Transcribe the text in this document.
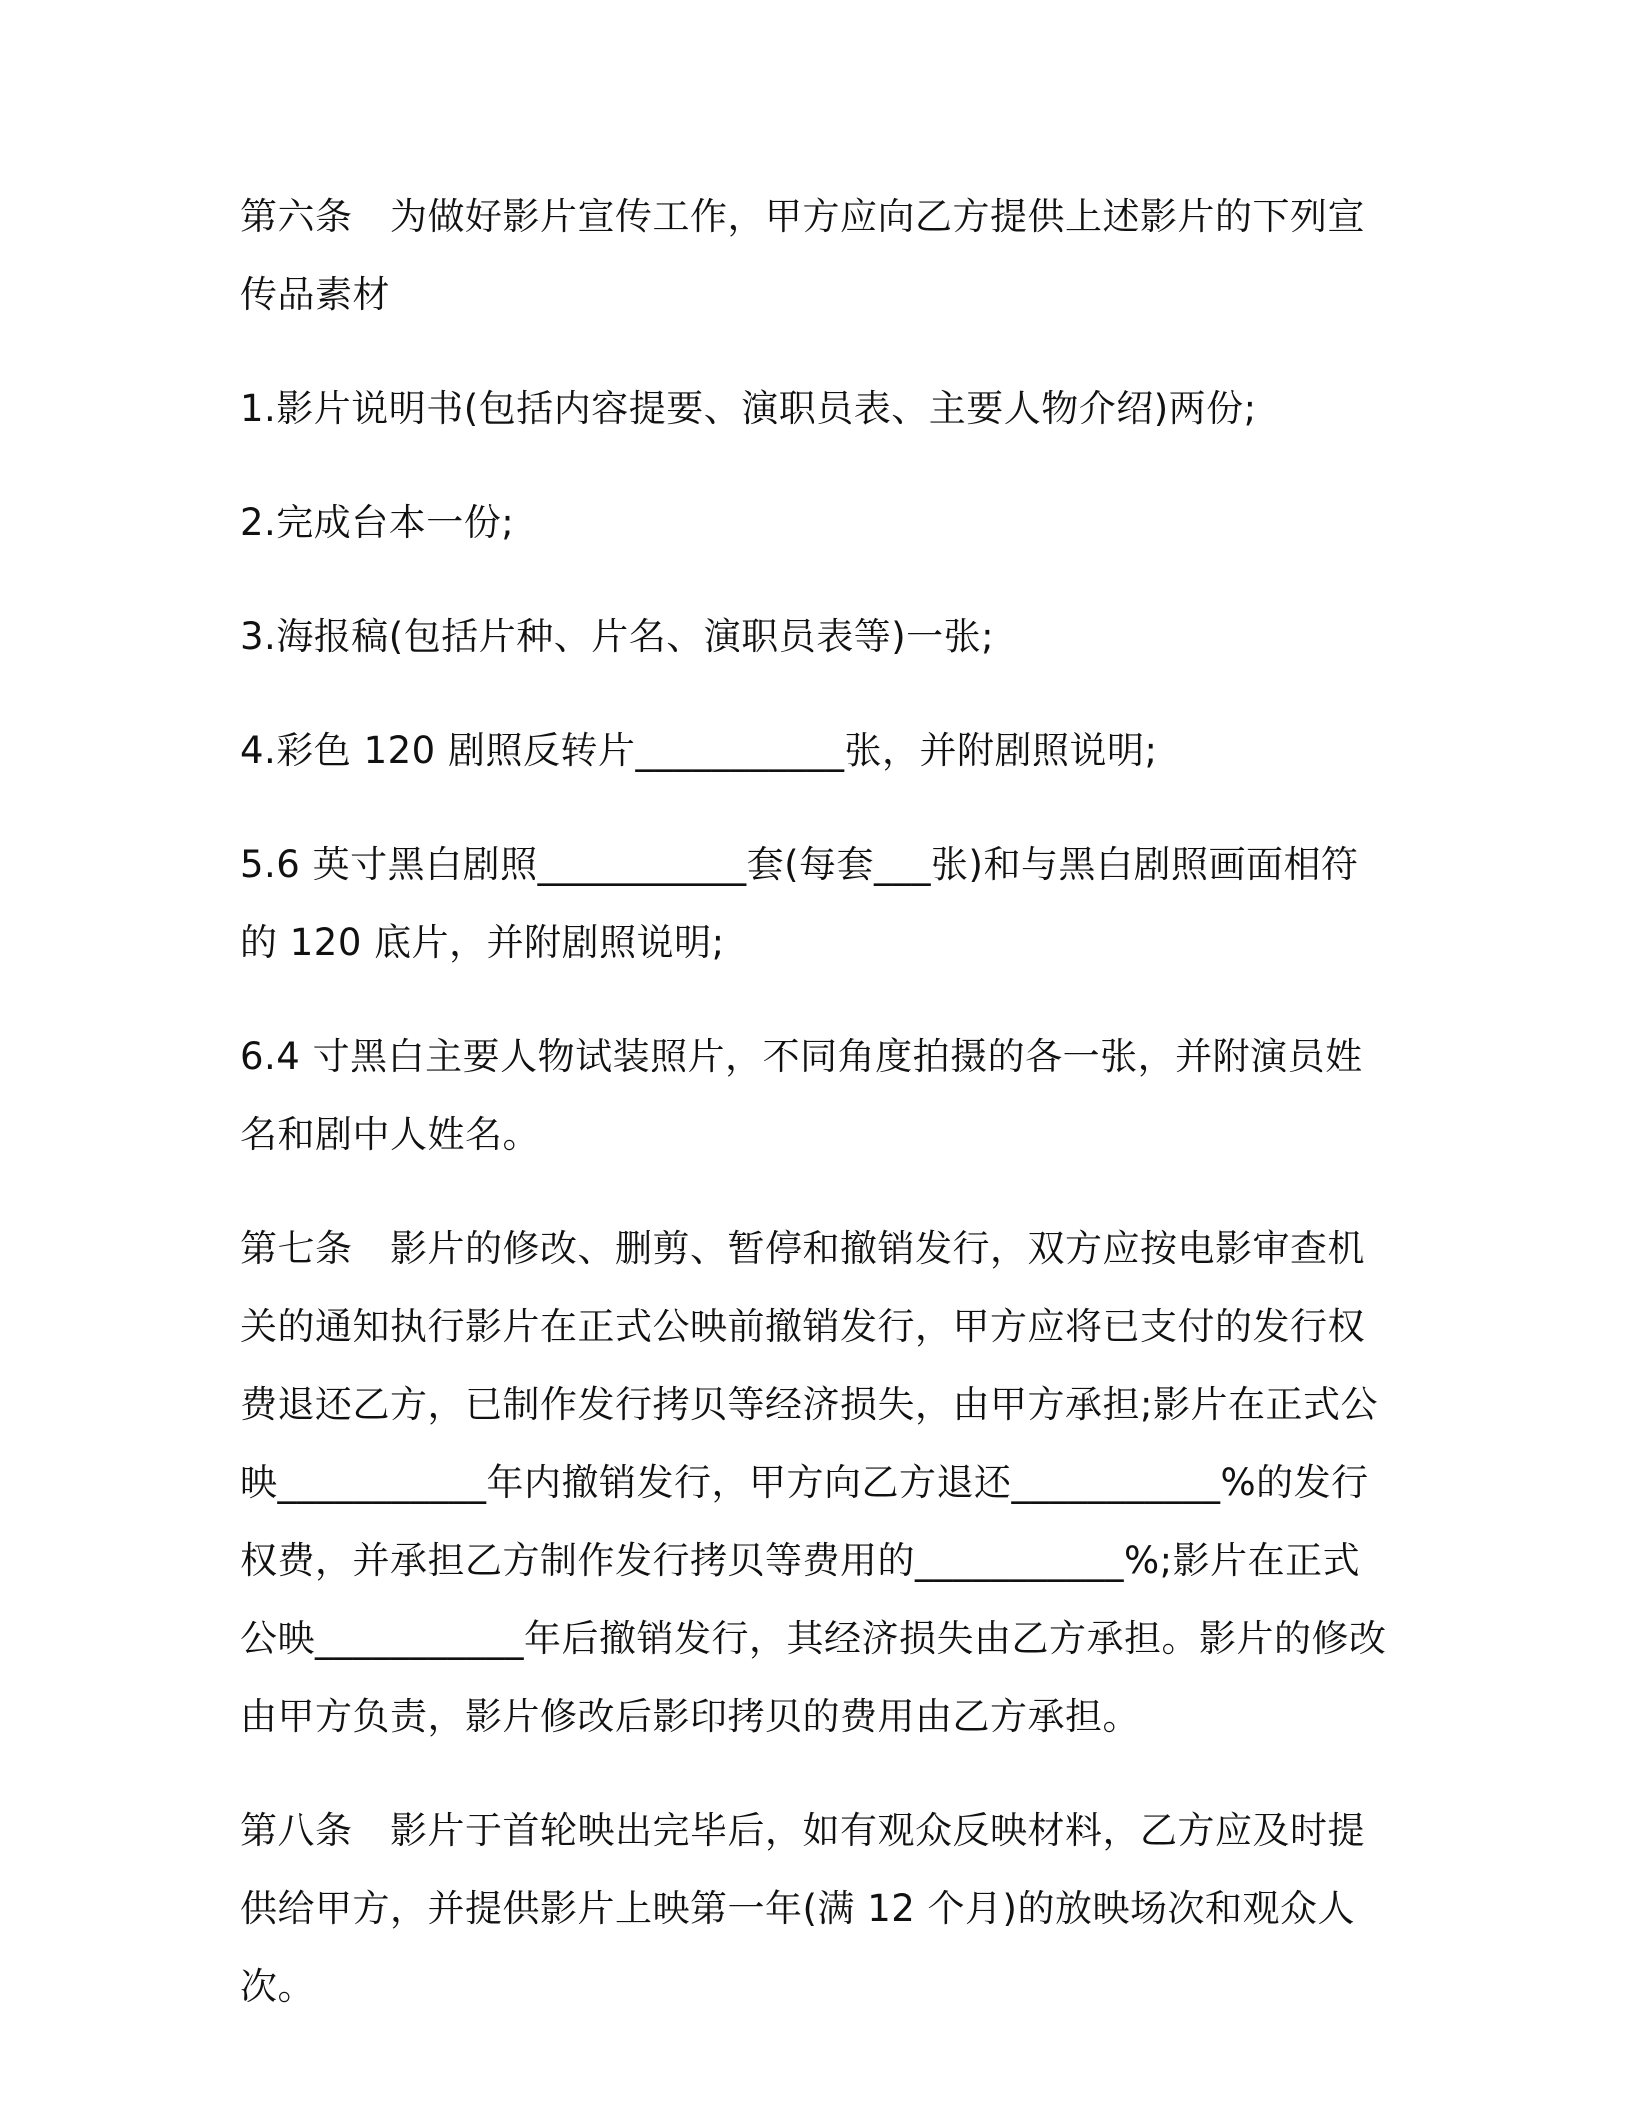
第六条　为做好影片宣传工作，甲方应向乙方提供上述影片的下列宣传品素材

1.影片说明书(包括内容提要、演职员表、主要人物介绍)两份;

2.完成台本一份;

3.海报稿(包括片种、片名、演职员表等)一张;

4.彩色 120 剧照反转片___________张，并附剧照说明;

5.6 英寸黑白剧照___________套(每套___张)和与黑白剧照画面相符的 120 底片，并附剧照说明;

6.4 寸黑白主要人物试装照片，不同角度拍摄的各一张，并附演员姓名和剧中人姓名。

第七条　影片的修改、删剪、暂停和撤销发行，双方应按电影审查机关的通知执行影片在正式公映前撤销发行，甲方应将已支付的发行权费退还乙方，已制作发行拷贝等经济损失，由甲方承担;影片在正式公映___________年内撤销发行，甲方向乙方退还___________%的发行权费，并承担乙方制作发行拷贝等费用的___________%;影片在正式公映___________年后撤销发行，其经济损失由乙方承担。影片的修改由甲方负责，影片修改后影印拷贝的费用由乙方承担。

第八条　影片于首轮映出完毕后，如有观众反映材料，乙方应及时提供给甲方，并提供影片上映第一年(满 12 个月)的放映场次和观众人次。
